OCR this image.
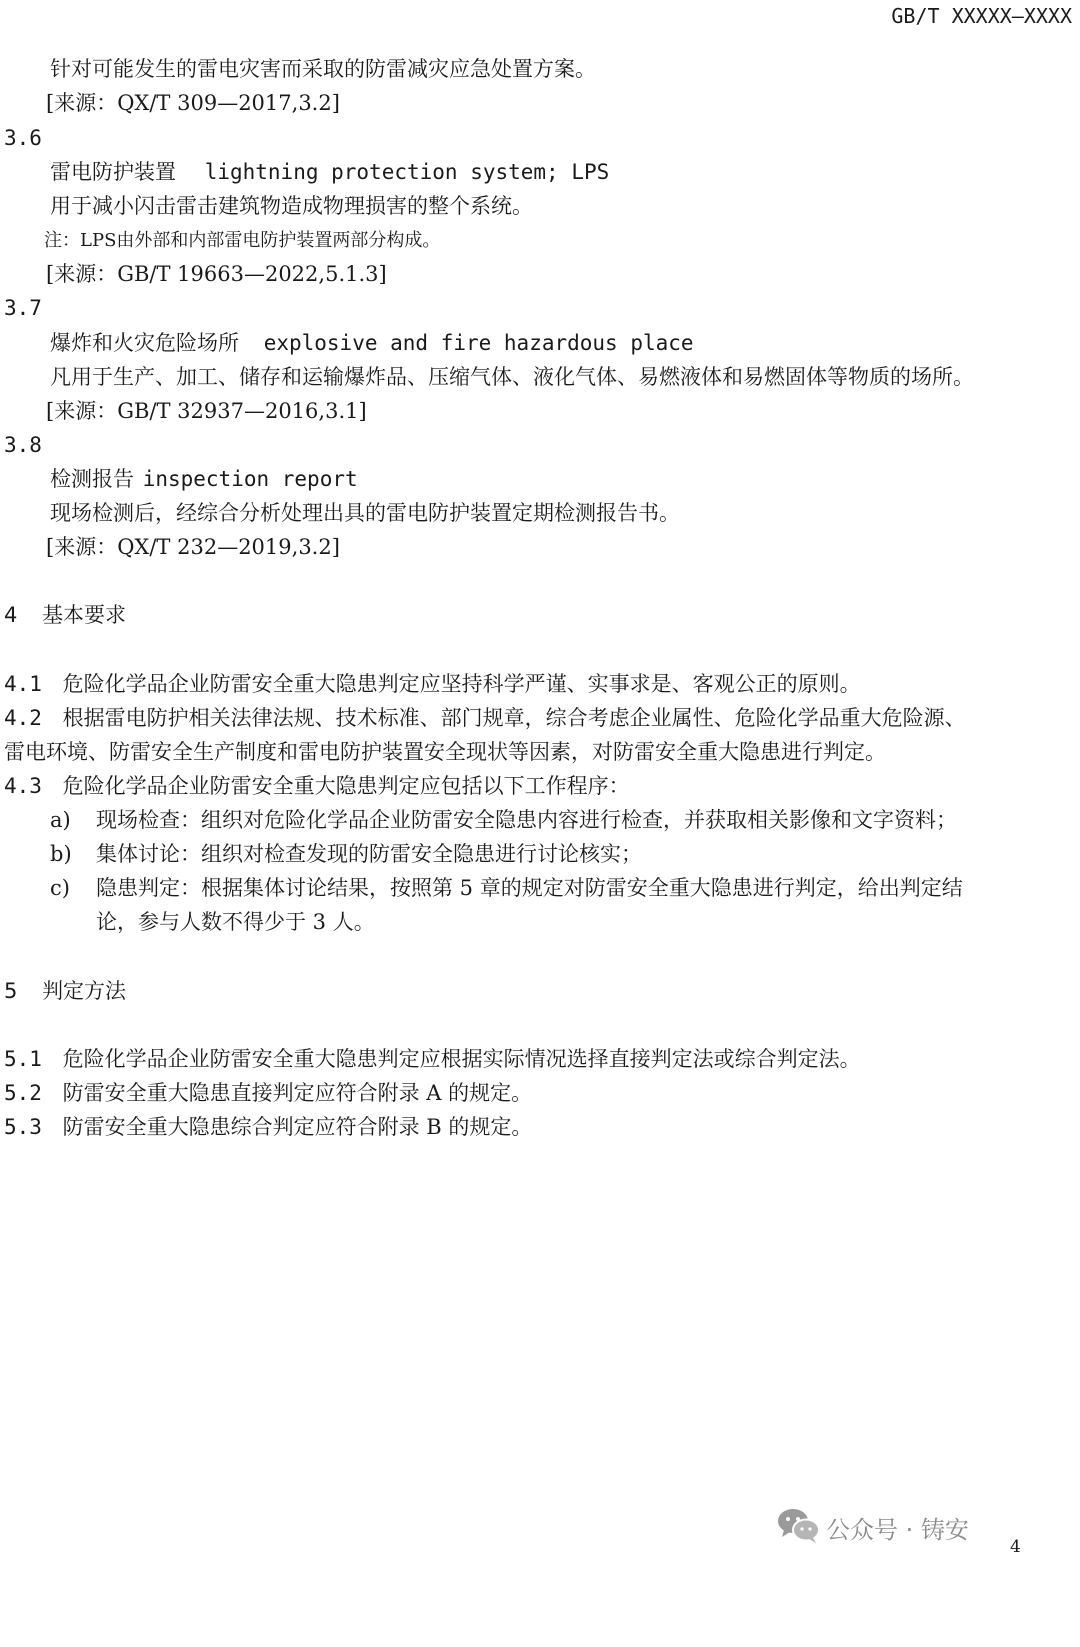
GB/T XXXXX—XXXX
针对可能发生的雷电灾害而采取的防雷减灾应急处置方案。
[来源：QX/T 309—2017,3.2]
3.6
雷电防护装置 lightning protection system; LPS
用于减小闪击雷击建筑物造成物理损害的整个系统。
注：LPS由外部和内部雷电防护装置两部分构成。
[来源：GB/T 19663—2022,5.1.3]
3.7
爆炸和火灾危险场所 explosive and fire hazardous place
凡用于生产、加工、储存和运输爆炸品、压缩气体、液化气体、易燃液体和易燃固体等物质的场所。
[来源：GB/T 32937—2016,3.1]
3.8
检测报告 inspection report
现场检测后，经综合分析处理出具的雷电防护装置定期检测报告书。
[来源：QX/T 232—2019,3.2]
4 基本要求
4.1 危险化学品企业防雷安全重大隐患判定应坚持科学严谨、实事求是、客观公正的原则。
4.2 根据雷电防护相关法律法规、技术标准、部门规章，综合考虑企业属性、危险化学品重大危险源、
雷电环境、防雷安全生产制度和雷电防护装置安全现状等因素，对防雷安全重大隐患进行判定。
4.3 危险化学品企业防雷安全重大隐患判定应包括以下工作程序：
a) 现场检查：组织对危险化学品企业防雷安全隐患内容进行检查，并获取相关影像和文字资料；
b) 集体讨论：组织对检查发现的防雷安全隐患进行讨论核实；
c) 隐患判定：根据集体讨论结果，按照第 5 章的规定对防雷安全重大隐患进行判定，给出判定结
论，参与人数不得少于 3 人。
5 判定方法
5.1 危险化学品企业防雷安全重大隐患判定应根据实际情况选择直接判定法或综合判定法。
5.2 防雷安全重大隐患直接判定应符合附录 A 的规定。
5.3 防雷安全重大隐患综合判定应符合附录 B 的规定。
公众号 · 铸安
4
